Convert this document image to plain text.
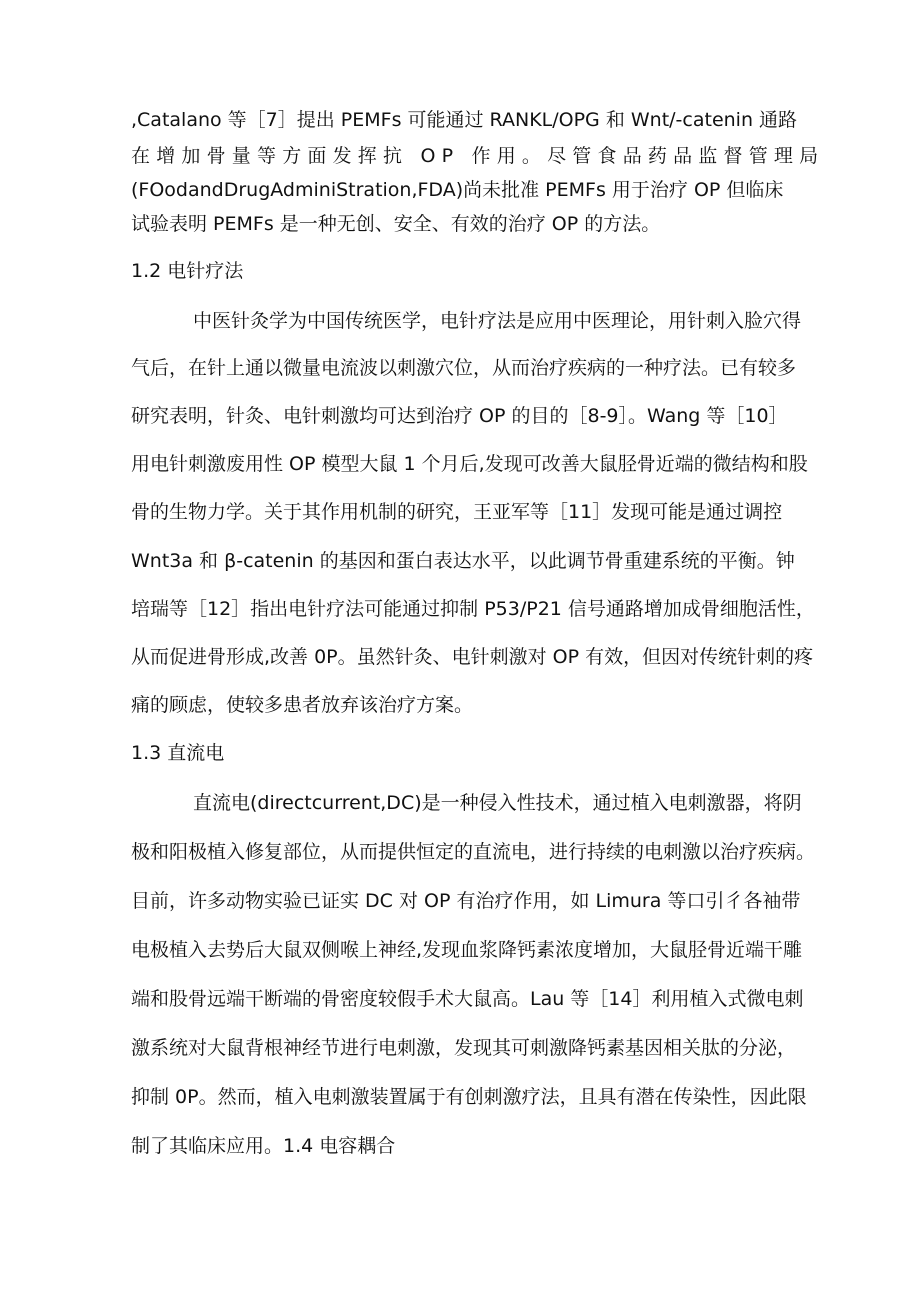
,Catalano 等［7］提出 PEMFs 可能通过 RANKL/OPG 和 Wnt∕-catenin 通路
在增加骨量等方面发挥抗 OP 作用。尽管食品药品监督管理局
(FOodandDrugAdminiStration,FDA)尚未批准 PEMFs 用于治疗 OP 但临床
试验表明 PEMFs 是一种无创、安全、有效的治疗 OP 的方法。
1.2 电针疗法
中医针灸学为中国传统医学，电针疗法是应用中医理论，用针刺入脸穴得
气后，在针上通以微量电流波以刺激穴位，从而治疗疾病的一种疗法。已有较多
研究表明，针灸、电针刺激均可达到治疗 OP 的目的［8-9］。Wang 等［10］
用电针刺激废用性 OP 模型大鼠 1 个月后,发现可改善大鼠胫骨近端的微结构和股
骨的生物力学。关于其作用机制的研究，王亚军等［11］发现可能是通过调控
Wnt3a 和 β-catenin 的基因和蛋白表达水平，以此调节骨重建系统的平衡。钟
培瑞等［12］指出电针疗法可能通过抑制 P53/P21 信号通路增加成骨细胞活性，
从而促进骨形成,改善 0P。虽然针灸、电针刺激对 OP 有效，但因对传统针刺的疼
痛的顾虑，使较多患者放弃该治疗方案。
1.3 直流电
直流电(directcurrent,DC)是一种侵入性技术，通过植入电刺激器，将阴
极和阳极植入修复部位，从而提供恒定的直流电，进行持续的电刺激以治疗疾病。
目前，许多动物实验已证实 DC 对 OP 有治疗作用，如 Limura 等口引彳各袖带
电极植入去势后大鼠双侧喉上神经,发现血浆降钙素浓度增加，大鼠胫骨近端干雕
端和股骨远端干断端的骨密度较假手术大鼠高。Lau 等［14］利用植入式微电刺
激系统对大鼠背根神经节进行电刺激，发现其可刺激降钙素基因相关肽的分泌，
抑制 0P。然而，植入电刺激装置属于有创刺激疗法，且具有潜在传染性，因此限
制了其临床应用。1.4 电容耦合
